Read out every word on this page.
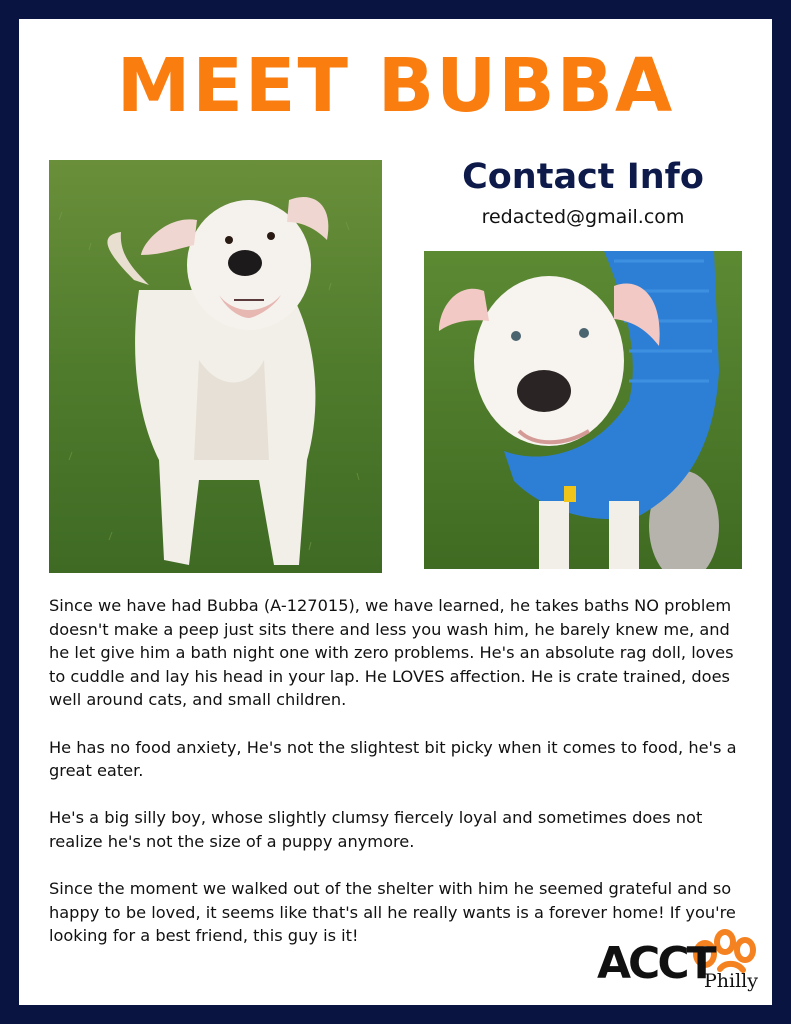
MEET BUBBA
Contact Info
redacted@gmail.com

Since we have had Bubba (A-127015), we have learned, he takes baths NO problem doesn't make a peep just sits there and less you wash him, he barely knew me, and he let give him a bath night one with zero problems. He's an absolute rag doll, loves to cuddle and lay his head in your lap. He LOVES affection. He is crate trained, does well around cats, and small children.

He has no food anxiety, He's not the slightest bit picky when it comes to food, he's a great eater.

He's a big silly boy, whose slightly clumsy fiercely loyal and sometimes does not realize he's not the size of a puppy anymore.

Since the moment we walked out of the shelter with him he seemed grateful and so happy to be loved, it seems like that's all he really wants is a forever home! If you're looking for a best friend, this guy is it!

ACCT
Philly
